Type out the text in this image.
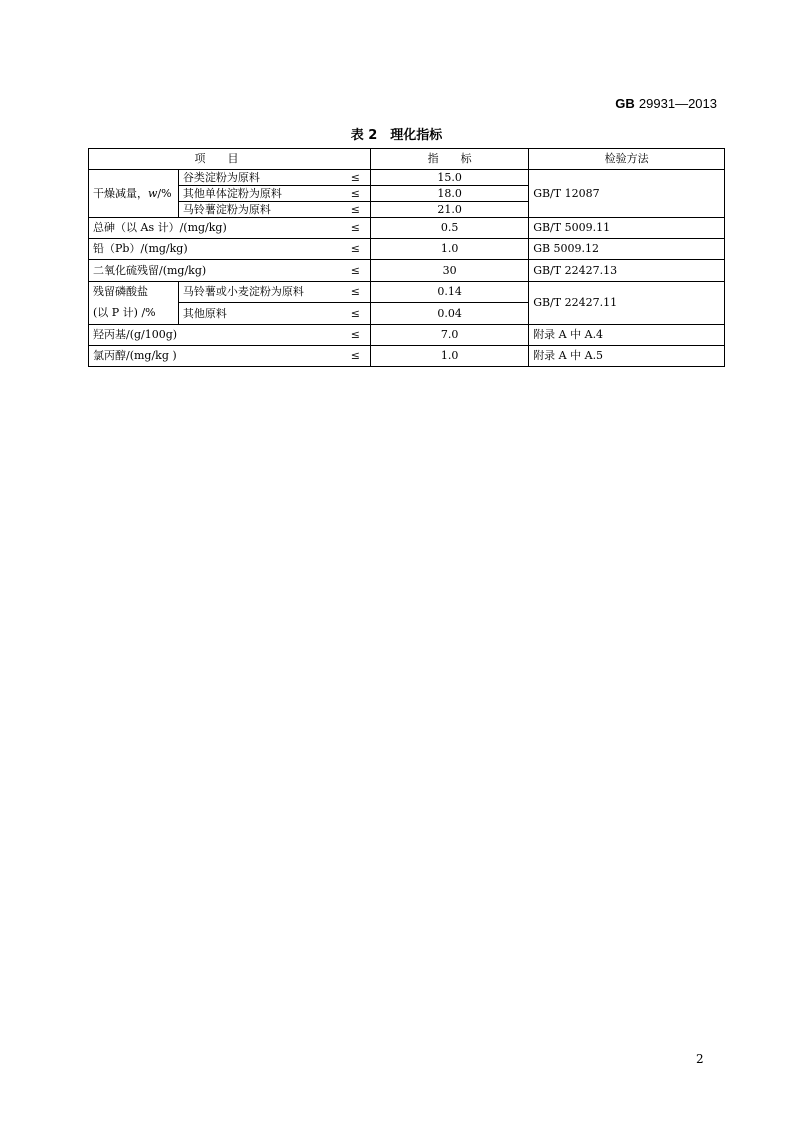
GB 29931—2013
表 2　理化指标
项　　目			指　　标	检验方法
干燥减量，w/%	谷类淀粉为原料	≤	15.0	GB/T 12087
	其他单体淀粉为原料	≤	18.0	
	马铃薯淀粉为原料	≤	21.0	
总砷（以 As 计）/(mg/kg)		≤	0.5	GB/T 5009.11
铅（Pb）/(mg/kg)		≤	1.0	GB 5009.12
二氧化硫残留/(mg/kg)		≤	30	GB/T 22427.13
残留磷酸盐	马铃薯或小麦淀粉为原料	≤	0.14	GB/T 22427.11
(以 P 计) /%	其他原料	≤	0.04	
羟丙基/(g/100g)		≤	7.0	附录 A 中 A.4
氯丙醇/(mg/kg )		≤	1.0	附录 A 中 A.5
2
